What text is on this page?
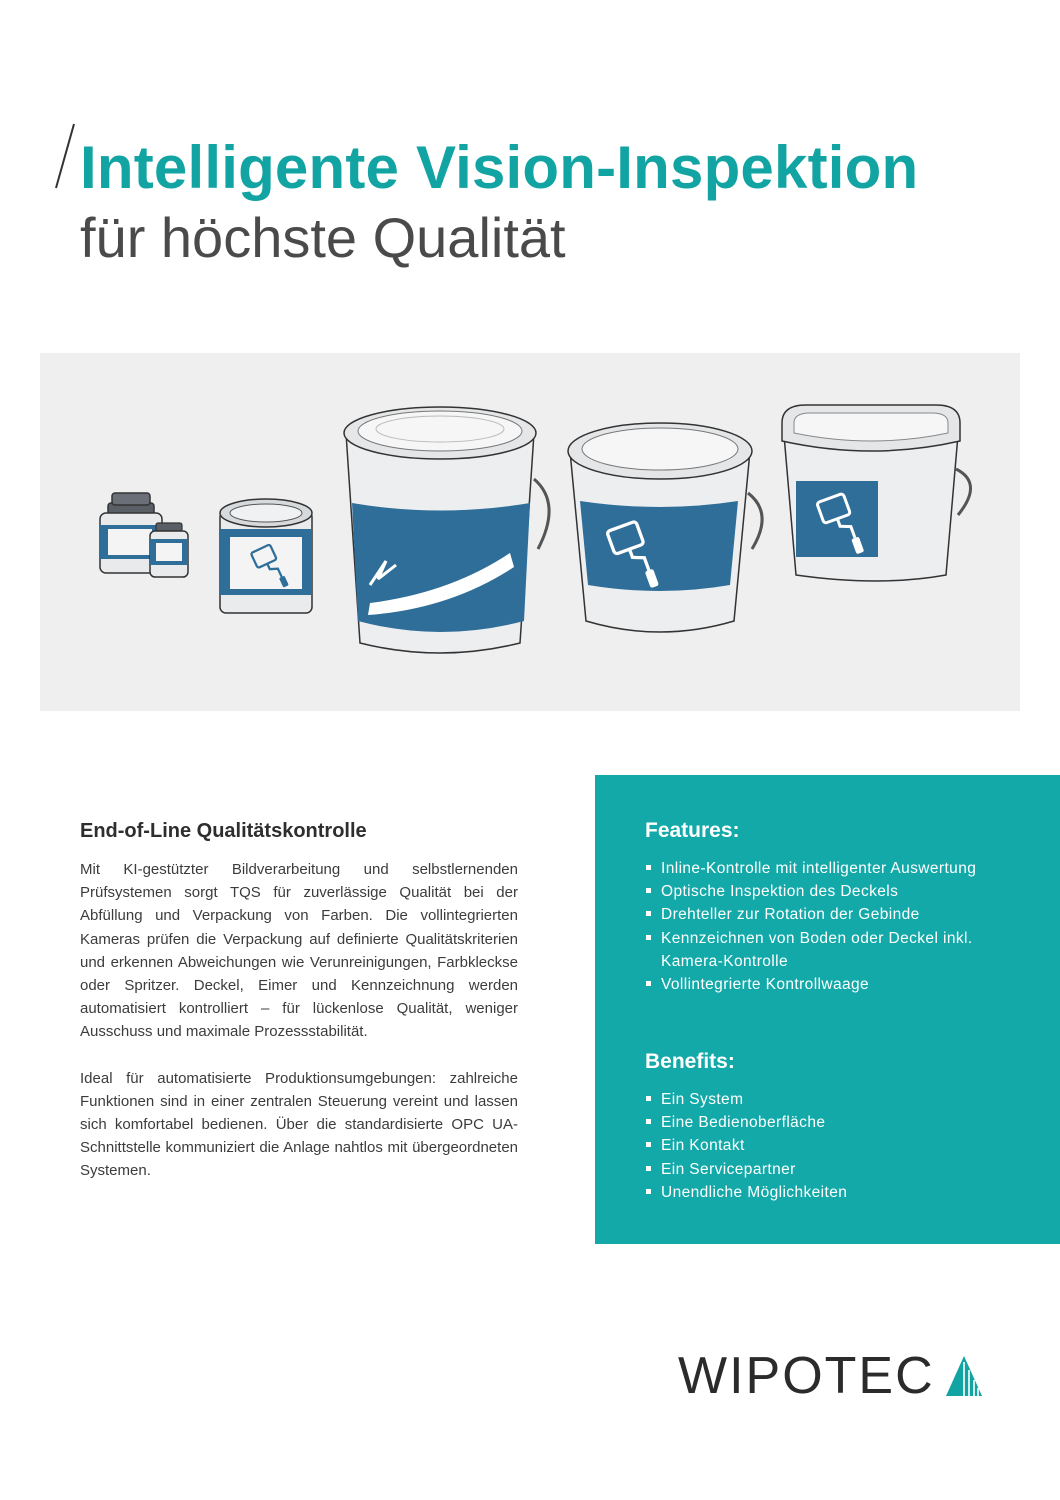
Intelligente Vision-Inspektion
für höchste Qualität
End-of-Line Qualitätskontrolle

Mit KI-gestützter Bildverarbeitung und selbstlernenden Prüfsystemen sorgt TQS für zuverlässige Qualität bei der Abfüllung und Verpackung von Farben. Die vollintegrierten Kameras prüfen die Verpackung auf definierte Qualitätskriterien und erkennen Abweichungen wie Verunreinigungen, Farbkleckse oder Spritzer. Deckel, Eimer und Kennzeichnung werden automatisiert kontrolliert – für lückenlose Qualität, weniger Ausschuss und maximale Prozessstabilität.

Ideal für automatisierte Produktionsumgebungen: zahlreiche Funktionen sind in einer zentralen Steuerung vereint und lassen sich komfortabel bedienen. Über die standardisierte OPC UA-Schnittstelle kommuniziert die Anlage nahtlos mit übergeordneten Systemen.

Features:
Inline-Kontrolle mit intelligenter Auswertung
Optische Inspektion des Deckels
Drehteller zur Rotation der Gebinde
Kennzeichnen von Boden oder Deckel inkl. Kamera-Kontrolle
Vollintegrierte Kontrollwaage
Benefits:
Ein System
Eine Bedienoberfläche
Ein Kontakt
Ein Servicepartner
Unendliche Möglichkeiten
WIPOTEC
